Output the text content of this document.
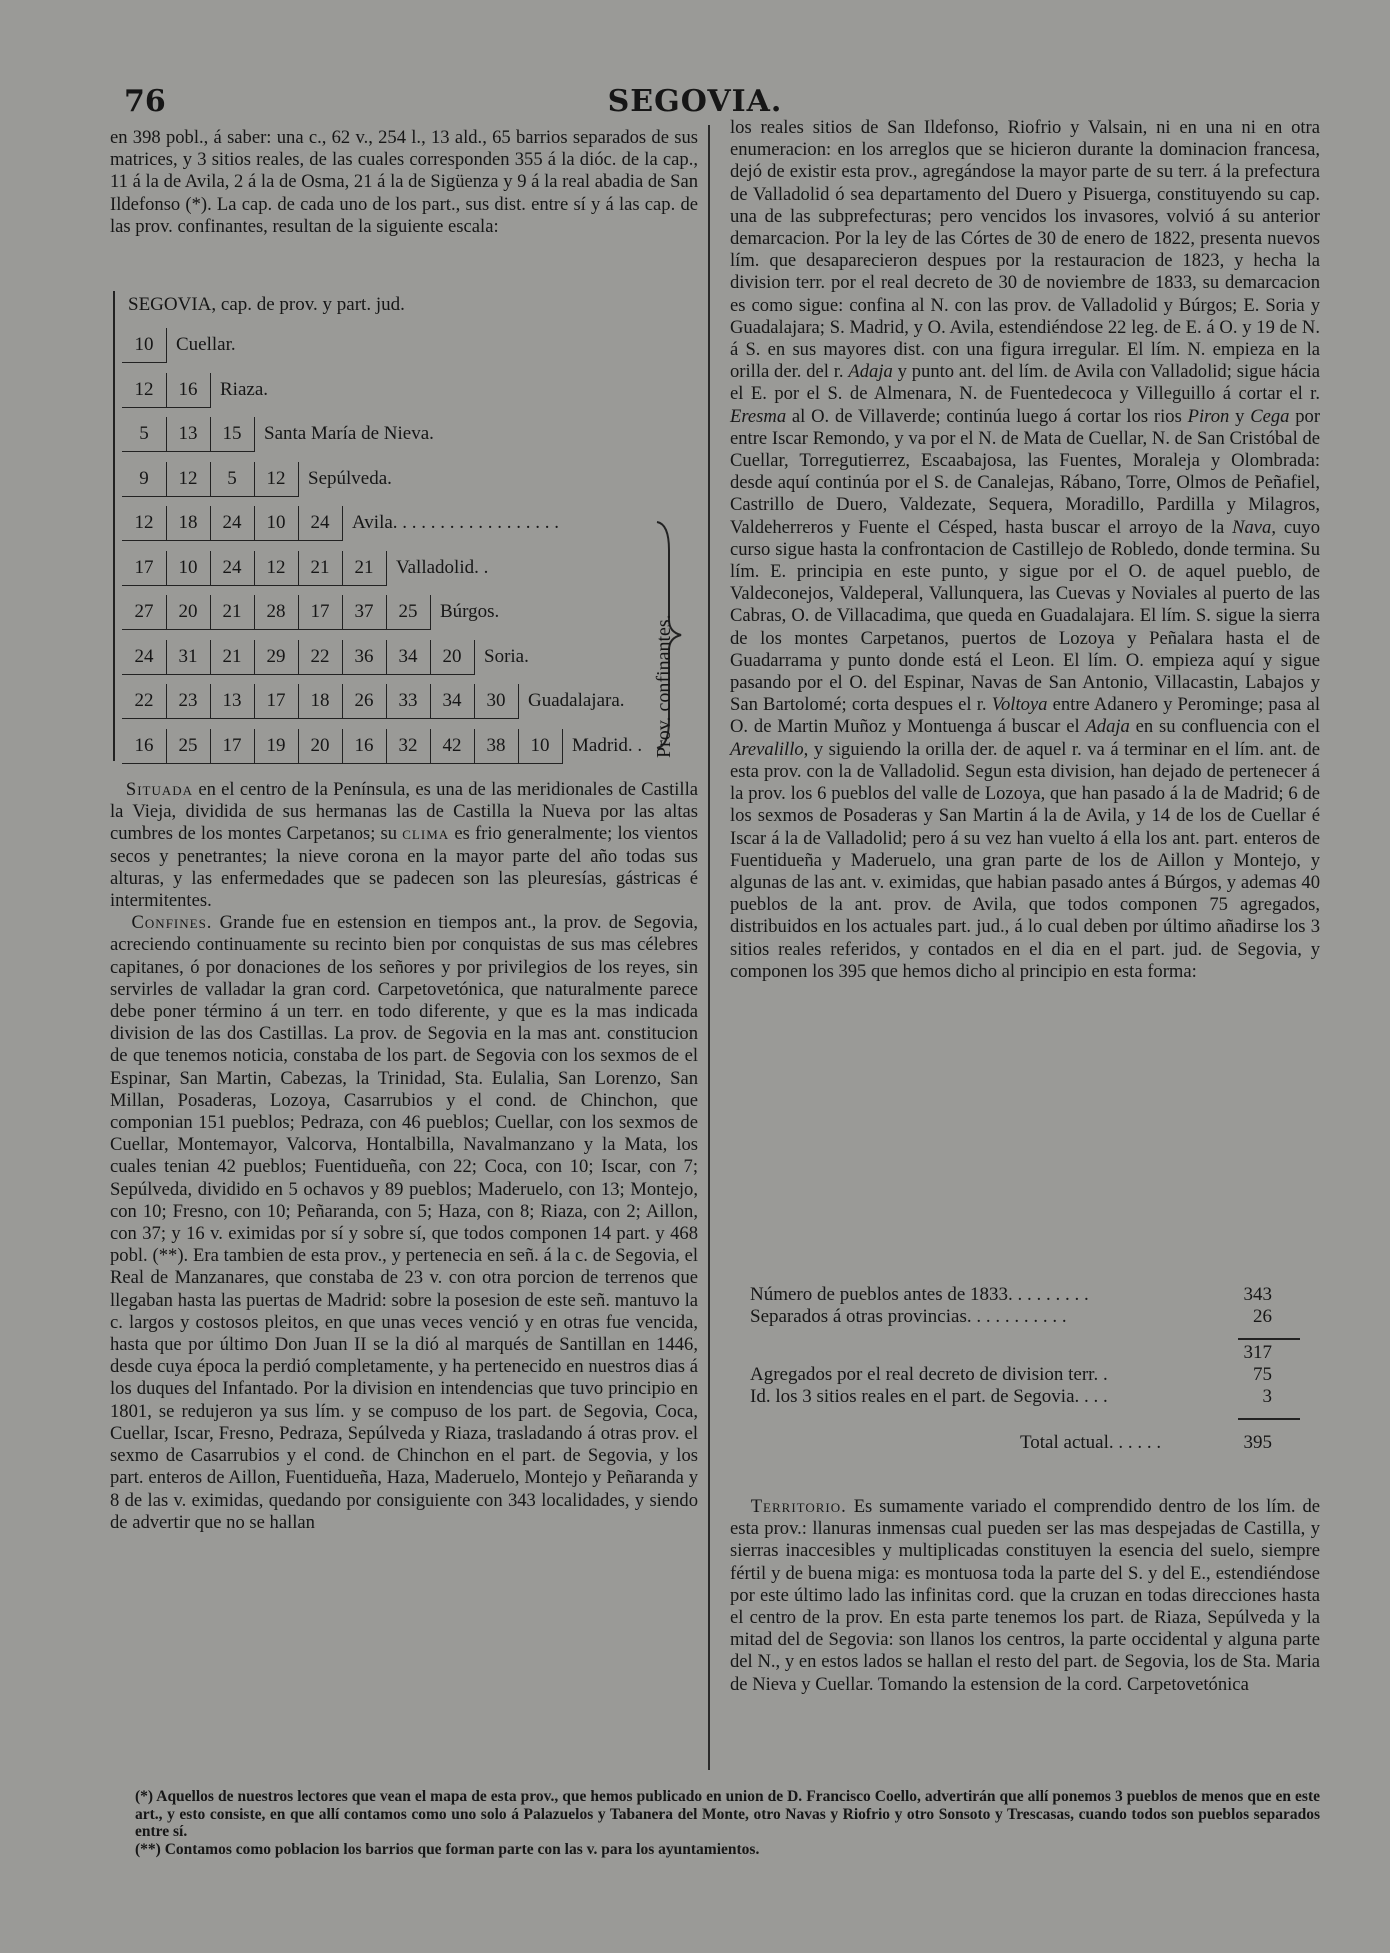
76	SEGOVIA.

en 398 pobl., á saber: una c., 62 v., 254 l., 13 ald., 65 barrios separados de sus matrices, y 3 sitios reales, de las cuales corresponden 355 á la dióc. de la cap., 11 á la de Avila, 2 á la de Osma, 21 á la de Sigüenza y 9 á la real abadia de San Ildefonso (*). La cap. de cada uno de los part., sus dist. entre sí y á las cap. de las prov. confinantes, resultan de la siguiente escala:

SEGOVIA, cap. de prov. y part. jud.
10	Cuellar.
12	16	Riaza.
5	13	15	Santa María de Nieva.
9	12	5	12	Sepúlveda.
12	18	24	10	24	Avila. . . . . . . . . . . . . . . . . .
17	10	24	12	21	21	Valladolid. .
27	20	21	28	17	37	25	Búrgos.
24	31	21	29	22	36	34	20	Soria.
22	23	13	17	18	26	33	34	30	Guadalajara.
16	25	17	19	20	16	32	42	38	10	Madrid. . Prov. confinantes.

Situada en el centro de la Península, es una de las meridionales de Castilla la Vieja, dividida de sus hermanas las de Castilla la Nueva por las altas cumbres de los montes Carpetanos; su clima es frio generalmente; los vientos secos y penetrantes; la nieve corona en la mayor parte del año todas sus alturas, y las enfermedades que se padecen son las pleuresías, gástricas é intermitentes.

Confines. Grande fue en estension en tiempos ant., la prov. de Segovia, acreciendo continuamente su recinto bien por conquistas de sus mas célebres capitanes, ó por donaciones de los señores y por privilegios de los reyes, sin servirles de valladar la gran cord. Carpetovetónica, que naturalmente parece debe poner término á un terr. en todo diferente, y que es la mas indicada division de las dos Castillas. La prov. de Segovia en la mas ant. constitucion de que tenemos noticia, constaba de los part. de Segovia con los sexmos de el Espinar, San Martin, Cabezas, la Trinidad, Sta. Eulalia, San Lorenzo, San Millan, Posaderas, Lozoya, Casarrubios y el cond. de Chinchon, que componian 151 pueblos; Pedraza, con 46 pueblos; Cuellar, con los sexmos de Cuellar, Montemayor, Valcorva, Hontalbilla, Navalmanzano y la Mata, los cuales tenian 42 pueblos; Fuentidueña, con 22; Coca, con 10; Iscar, con 7; Sepúlveda, dividido en 5 ochavos y 89 pueblos; Maderuelo, con 13; Montejo, con 10; Fresno, con 10; Peñaranda, con 5; Haza, con 8; Riaza, con 2; Aillon, con 37; y 16 v. eximidas por sí y sobre sí, que todos componen 14 part. y 468 pobl. (**). Era tambien de esta prov., y pertenecia en señ. á la c. de Segovia, el Real de Manzanares, que constaba de 23 v. con otra porcion de terrenos que llegaban hasta las puertas de Madrid: sobre la posesion de este señ. mantuvo la c. largos y costosos pleitos, en que unas veces venció y en otras fue vencida, hasta que por último Don Juan II se la dió al marqués de Santillan en 1446, desde cuya época la perdió completamente, y ha pertenecido en nuestros dias á los duques del Infantado. Por la division en intendencias que tuvo principio en 1801, se redujeron ya sus lím. y se compuso de los part. de Segovia, Coca, Cuellar, Iscar, Fresno, Pedraza, Sepúlveda y Riaza, trasladando á otras prov. el sexmo de Casarrubios y el cond. de Chinchon en el part. de Segovia, y los part. enteros de Aillon, Fuentidueña, Haza, Maderuelo, Montejo y Peñaranda y 8 de las v. eximidas, quedando por consiguiente con 343 localidades, y siendo de advertir que no se hallan

los reales sitios de San Ildefonso, Riofrio y Valsain, ni en una ni en otra enumeracion: en los arreglos que se hicieron durante la dominacion francesa, dejó de existir esta prov., agregándose la mayor parte de su terr. á la prefectura de Valladolid ó sea departamento del Duero y Pisuerga, constituyendo su cap. una de las subprefecturas; pero vencidos los invasores, volvió á su anterior demarcacion. Por la ley de las Córtes de 30 de enero de 1822, presenta nuevos lím. que desaparecieron despues por la restauracion de 1823, y hecha la division terr. por el real decreto de 30 de noviembre de 1833, su demarcacion es como sigue: confina al N. con las prov. de Valladolid y Búrgos; E. Soria y Guadalajara; S. Madrid, y O. Avila, estendiéndose 22 leg. de E. á O. y 19 de N. á S. en sus mayores dist. con una figura irregular. El lím. N. empieza en la orilla der. del r. Adaja y punto ant. del lím. de Avila con Valladolid; sigue hácia el E. por el S. de Almenara, N. de Fuentedecoca y Villeguillo á cortar el r. Eresma al O. de Villaverde; continúa luego á cortar los rios Piron y Cega por entre Iscar Remondo, y va por el N. de Mata de Cuellar, N. de San Cristóbal de Cuellar, Torregutierrez, Escaabajosa, las Fuentes, Moraleja y Olombrada: desde aquí continúa por el S. de Canalejas, Rábano, Torre, Olmos de Peñafiel, Castrillo de Duero, Valdezate, Sequera, Moradillo, Pardilla y Milagros, Valdeherreros y Fuente el Césped, hasta buscar el arroyo de la Nava, cuyo curso sigue hasta la confrontacion de Castillejo de Robledo, donde termina. Su lím. E. principia en este punto, y sigue por el O. de aquel pueblo, de Valdeconejos, Valdeperal, Vallunquera, las Cuevas y Noviales al puerto de las Cabras, O. de Villacadima, que queda en Guadalajara. El lím. S. sigue la sierra de los montes Carpetanos, puertos de Lozoya y Peñalara hasta el de Guadarrama y punto donde está el Leon. El lím. O. empieza aquí y sigue pasando por el O. del Espinar, Navas de San Antonio, Villacastin, Labajos y San Bartolomé; corta despues el r. Voltoya entre Adanero y Perominge; pasa al O. de Martin Muñoz y Montuenga á buscar el Adaja en su confluencia con el Arevalillo, y siguiendo la orilla der. de aquel r. va á terminar en el lím. ant. de esta prov. con la de Valladolid. Segun esta division, han dejado de pertenecer á la prov. los 6 pueblos del valle de Lozoya, que han pasado á la de Madrid; 6 de los sexmos de Posaderas y San Martin á la de Avila, y 14 de los de Cuellar é Iscar á la de Valladolid; pero á su vez han vuelto á ella los ant. part. enteros de Fuentidueña y Maderuelo, una gran parte de los de Aillon y Montejo, y algunas de las ant. v. eximidas, que habian pasado antes á Búrgos, y ademas 40 pueblos de la ant. prov. de Avila, que todos componen 75 agregados, distribuidos en los actuales part. jud., á lo cual deben por último añadirse los 3 sitios reales referidos, y contados en el dia en el part. jud. de Segovia, y componen los 395 que hemos dicho al principio en esta forma:

Número de pueblos antes de 1833. . . . . . . . .	343
Separados á otras provincias. . . . . . . . . . .	26
317
Agregados por el real decreto de division terr. .	75
Id. los 3 sitios reales en el part. de Segovia. . . .	3
Total actual. . . . . .	395

Territorio. Es sumamente variado el comprendido dentro de los lím. de esta prov.: llanuras inmensas cual pueden ser las mas despejadas de Castilla, y sierras inaccesibles y multiplicadas constituyen la esencia del suelo, siempre fértil y de buena miga: es montuosa toda la parte del S. y del E., estendiéndose por este último lado las infinitas cord. que la cruzan en todas direcciones hasta el centro de la prov. En esta parte tenemos los part. de Riaza, Sepúlveda y la mitad del de Segovia: son llanos los centros, la parte occidental y alguna parte del N., y en estos lados se hallan el resto del part. de Segovia, los de Sta. Maria de Nieva y Cuellar. Tomando la estension de la cord. Carpetovetónica

(*) Aquellos de nuestros lectores que vean el mapa de esta prov., que hemos publicado en union de D. Francisco Coello, advertirán que allí ponemos 3 pueblos de menos que en este art., y esto consiste, en que allí contamos como uno solo á Palazuelos y Tabanera del Monte, otro Navas y Riofrio y otro Sonsoto y Trescasas, cuando todos son pueblos separados entre sí.

(**) Contamos como poblacion los barrios que forman parte con las v. para los ayuntamientos.
